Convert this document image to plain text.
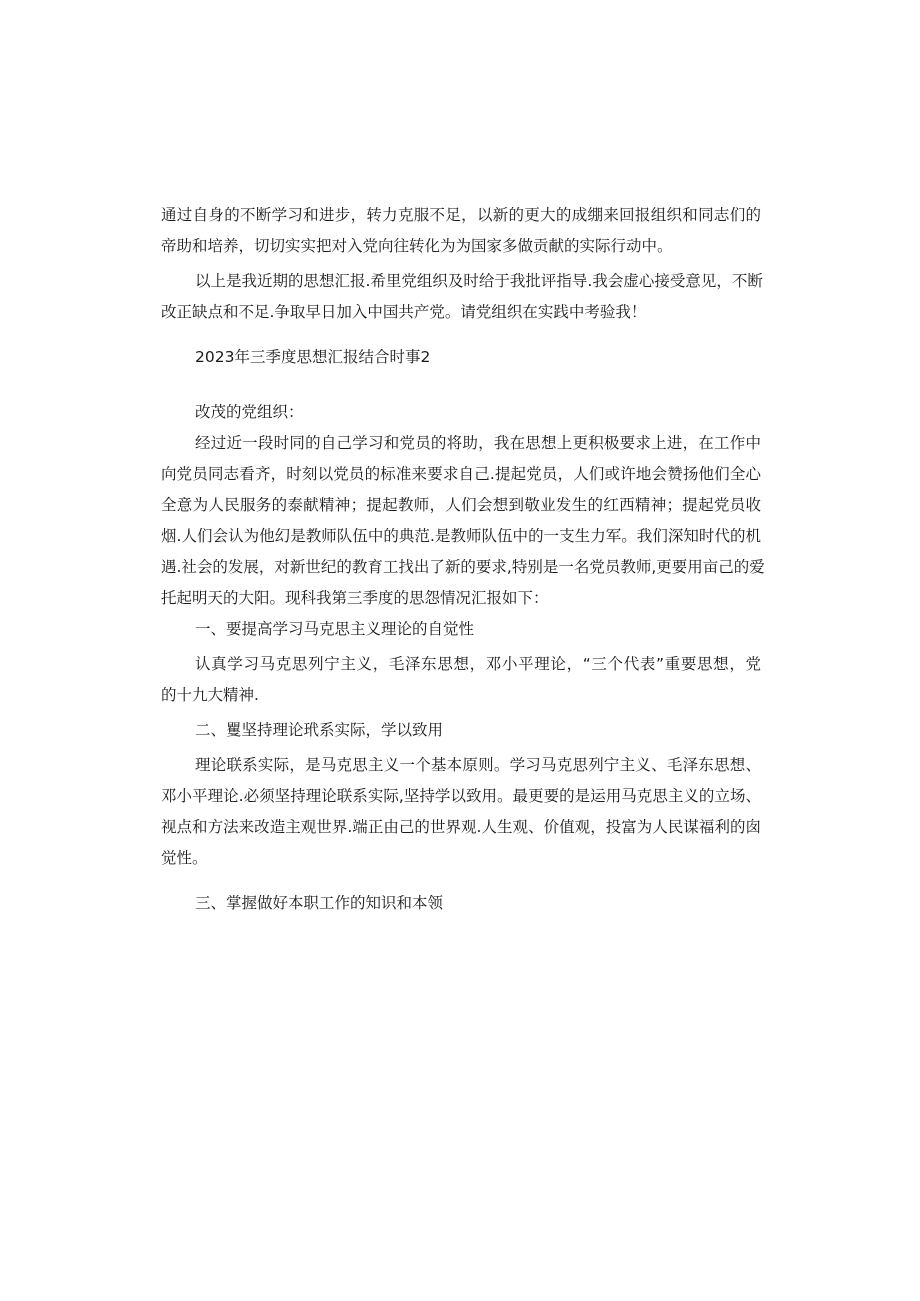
通过自身的不断学习和进步，转力克服不足，以新的更大的成绷来回报组织和同志们的
帝助和培养，切切实实把对入党向往转化为为国家多做贡献的实际行动中。
以上是我近期的思想汇报.希里党组织及时给于我批评指导.我会虚心接受意见，不断
改正缺点和不足.争取早日加入中国共产党。请党组织在实践中考验我！
2023年三季度思想汇报结合时事2
改茂的党组织：
经过近一段时同的自己学习和党员的将助，我在思想上更积极要求上进，在工作中
向党员同志看齐，时刻以党员的标准来要求自己.提起党员，人们或许地会赞扬他们全心
全意为人民服务的泰献精神；提起教师，人们会想到敬业发生的红西精神；提起党员收
烟.人们会认为他幻是教师队伍中的典范.是教师队伍中的一支生力军。我们深知时代的机
遇.社会的发展，对新世纪的教育工找出了新的要求,特别是一名党员教师,更要用亩己的爱
托起明天的大阳。现科我第三季度的思怨情况汇报如下：
一、要提高学习马克思主义理论的自觉性
认真学习马克思列宁主义，毛泽东思想，邓小平理论，“三个代表”重要思想，党
的十九大精神.
二、矍坚持理论玳系实际，学以致用
理论联系实际，是马克思主义一个基本原则。学习马克思列宁主义、毛泽东思想、
邓小平理论.必须坚持理论联系实际,坚持学以致用。最更要的是运用马克思主义的立场、
视点和方法来改造主观世界.端正由己的世界观.人生观、价值观，投富为人民谋福利的囱
觉性。
三、掌握做好本职工作的知识和本领
